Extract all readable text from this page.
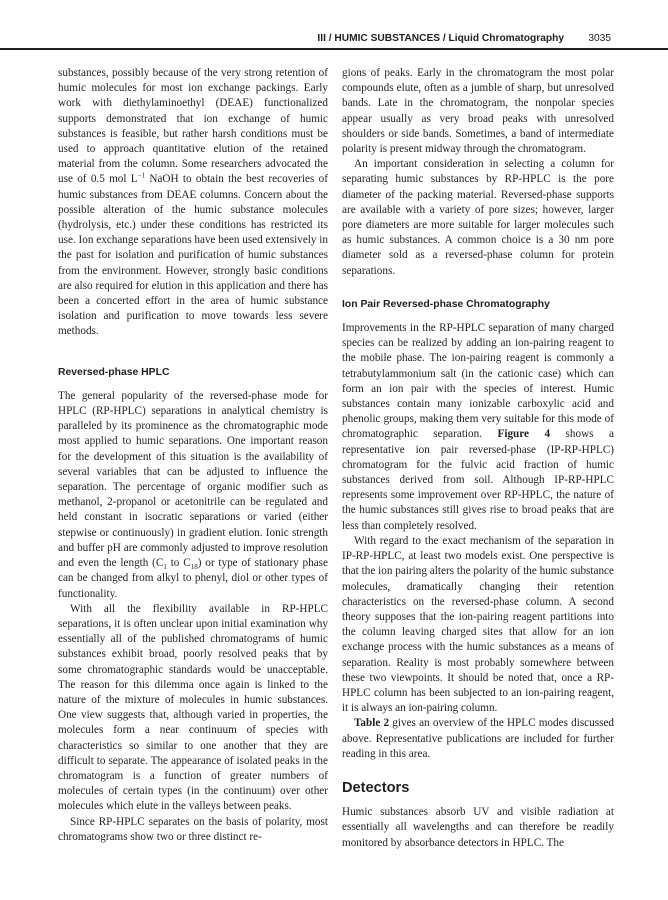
III / HUMIC SUBSTANCES / Liquid Chromatography 3035

substances, possibly because of the very strong retention of humic molecules for most ion exchange packings. Early work with diethylaminoethyl (DEAE) functionalized supports demonstrated that ion exchange of humic substances is feasible, but rather harsh conditions must be used to approach quantitative elution of the retained material from the column. Some researchers advocated the use of 0.5 mol $L^{-1}$ NaOH to obtain the best recoveries of humic substances from DEAE columns. Concern about the possible alteration of the humic substance molecules (hydrolysis, etc.) under these conditions has restricted its use. Ion exchange separations have been used extensively in the past for isolation and purification of humic substances from the environment. However, strongly basic conditions are also required for elution in this application and there has been a concerted effort in the area of humic substance isolation and purification to move towards less severe methods.

Reversed-phase HPLC

The general popularity of the reversed-phase mode for HPLC (RP-HPLC) separations in analytical chemistry is paralleled by its prominence as the chromatographic mode most applied to humic separations. One important reason for the development of this situation is the availability of several variables that can be adjusted to influence the separation. The percentage of organic modifier such as methanol, 2-propanol or acetonitrile can be regulated and held constant in isocratic separations or varied (either stepwise or continuously) in gradient elution. Ionic strength and buffer pH are commonly adjusted to improve resolution and even the length ($C_1$ to $C_{18}$) or type of stationary phase can be changed from alkyl to phenyl, diol or other types of functionality.

With all the flexibility available in RP-HPLC separations, it is often unclear upon initial examination why essentially all of the published chromatograms of humic substances exhibit broad, poorly resolved peaks that by some chromatographic standards would be unacceptable. The reason for this dilemma once again is linked to the nature of the mixture of molecules in humic substances. One view suggests that, although varied in properties, the molecules form a near continuum of species with characteristics so similar to one another that they are difficult to separate. The appearance of isolated peaks in the chromatogram is a function of greater numbers of molecules of certain types (in the continuum) over other molecules which elute in the valleys between peaks.

Since RP-HPLC separates on the basis of polarity, most chromatograms show two or three distinct re-

gions of peaks. Early in the chromatogram the most polar compounds elute, often as a jumble of sharp, but unresolved bands. Late in the chromatogram, the nonpolar species appear usually as very broad peaks with unresolved shoulders or side bands. Sometimes, a band of intermediate polarity is present midway through the chromatogram.

An important consideration in selecting a column for separating humic substances by RP-HPLC is the pore diameter of the packing material. Reversed-phase supports are available with a variety of pore sizes; however, larger pore diameters are more suitable for larger molecules such as humic substances. A common choice is a 30 nm pore diameter sold as a reversed-phase column for protein separations.

Ion Pair Reversed-phase Chromatography

Improvements in the RP-HPLC separation of many charged species can be realized by adding an ion-pairing reagent to the mobile phase. The ion-pairing reagent is commonly a tetrabutylammonium salt (in the cationic case) which can form an ion pair with the species of interest. Humic substances contain many ionizable carboxylic acid and phenolic groups, making them very suitable for this mode of chromatographic separation. Figure 4 shows a representative ion pair reversed-phase (IP-RP-HPLC) chromatogram for the fulvic acid fraction of humic substances derived from soil. Although IP-RP-HPLC represents some improvement over RP-HPLC, the nature of the humic substances still gives rise to broad peaks that are less than completely resolved.

With regard to the exact mechanism of the separation in IP-RP-HPLC, at least two models exist. One perspective is that the ion pairing alters the polarity of the humic substance molecules, dramatically changing their retention characteristics on the reversed-phase column. A second theory supposes that the ion-pairing reagent partitions into the column leaving charged sites that allow for an ion exchange process with the humic substances as a means of separation. Reality is most probably somewhere between these two viewpoints. It should be noted that, once a RP-HPLC column has been subjected to an ion-pairing reagent, it is always an ion-pairing column.

Table 2 gives an overview of the HPLC modes discussed above. Representative publications are included for further reading in this area.

Detectors

Humic substances absorb UV and visible radiation at essentially all wavelengths and can therefore be readily monitored by absorbance detectors in HPLC. The
